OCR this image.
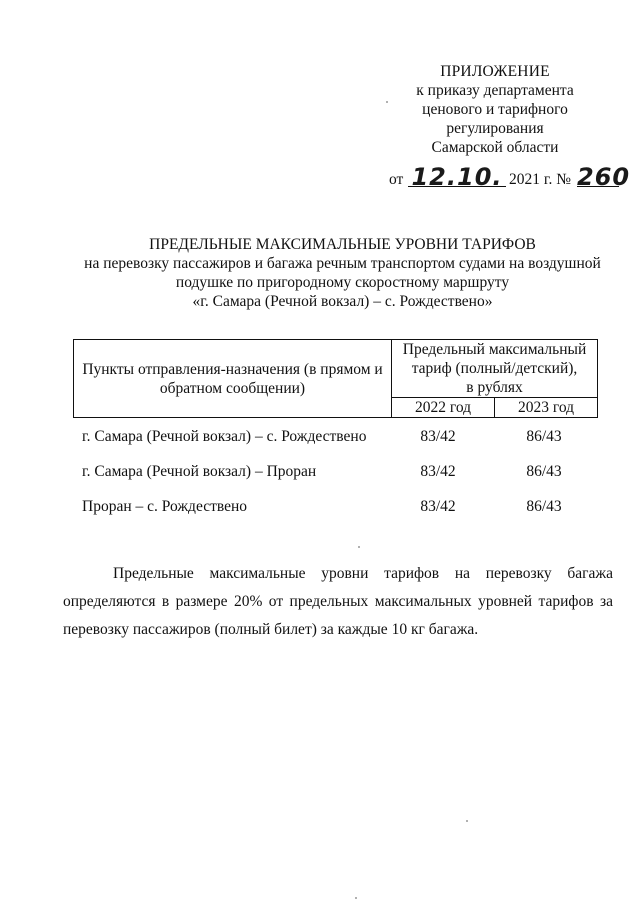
ПРИЛОЖЕНИЕ
к приказу департамента
ценового и тарифного
регулирования
Самарской области
от 12.10. 2021 г. № 260
ПРЕДЕЛЬНЫЕ МАКСИМАЛЬНЫЕ УРОВНИ ТАРИФОВ
на перевозку пассажиров и багажа речным транспортом судами на воздушной
подушке по пригородному скоростному маршруту
«г. Самара (Речной вокзал) – с. Рождествено»
Пункты отправления-назначения (в прямом и обратном сообщении)	Предельный максимальный
тариф (полный/детский),
в рублях	

	2022 год	2023 год
г. Самара (Речной вокзал) – с. Рождествено	83/42	86/43
г. Самара (Речной вокзал) – Проран	83/42	86/43
Проран – с. Рождествено	83/42	86/43
Предельные максимальные уровни тарифов на перевозку багажа определяются в размере 20% от предельных максимальных уровней тарифов за перевозку пассажиров (полный билет) за каждые 10 кг багажа.
